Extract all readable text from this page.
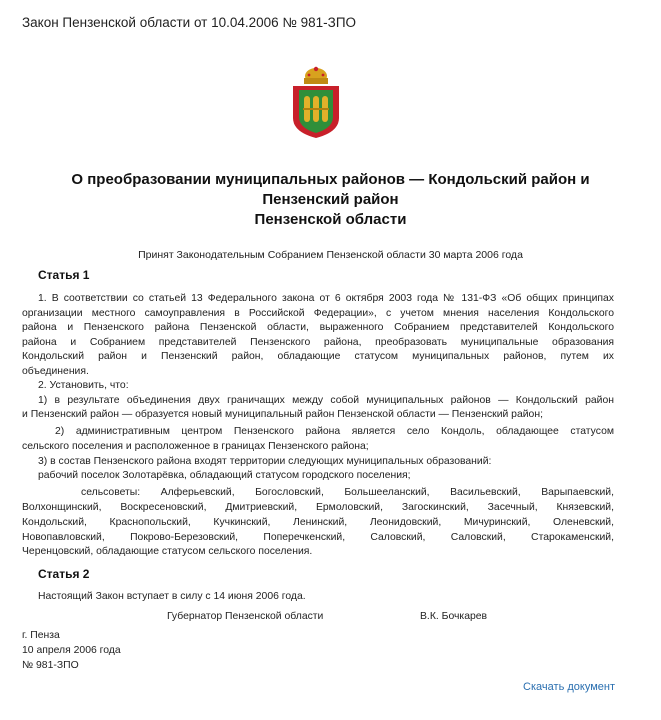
Закон Пензенской области от 10.04.2006 № 981-ЗПО
О преобразовании муниципальных районов — Кондольский район и
Пензенский район
Пензенской области
Принят Законодательным Собранием Пензенской области 30 марта 2006 года
Статья 1
1. В соответствии со статьей 13 Федерального закона от 6 октября 2003 года № 131-ФЗ «Об общих принципах
организации местного самоуправления в Российской Федерации», с учетом мнения населения Кондольского
района и Пензенского района Пензенской области, выраженного Собранием представителей Кондольского
района и Собранием представителей Пензенского района, преобразовать муниципальные образования
Кондольский район и Пензенский район, обладающие статусом муниципальных районов, путем их
объединения.
2. Установить, что:
1) в результате объединения двух граничащих между собой муниципальных районов — Кондольский район
и Пензенский район — образуется новый муниципальный район Пензенской области — Пензенский район;
2) административным центром Пензенского района является село Кондоль, обладающее статусом
сельского поселения и расположенное в границах Пензенского района;
3) в состав Пензенского района входят территории следующих муниципальных образований:
рабочий поселок Золотарёвка, обладающий статусом городского поселения;
сельсоветы: Алферьевский, Богословский, Большееланский, Васильевский, Варыпаевский,
Волхонщинский, Воскресеновский, Дмитриевский, Ермоловский, Загоскинский, Засечный, Князевский,
Кондольский, Краснопольский, Кучкинский, Ленинский, Леонидовский, Мичуринский, Оленевский,
Новопавловский, Покрово-Березовский, Поперечкенский, Саловский, Саловский, Старокаменский,
Черенцовский, обладающие статусом сельского поселения.
Статья 2
Настоящий Закон вступает в силу с 14 июня 2006 года.
Губернатор Пензенской области	В.К. Бочкарев
г. Пенза
10 апреля 2006 года
№ 981-ЗПО
Скачать документ
